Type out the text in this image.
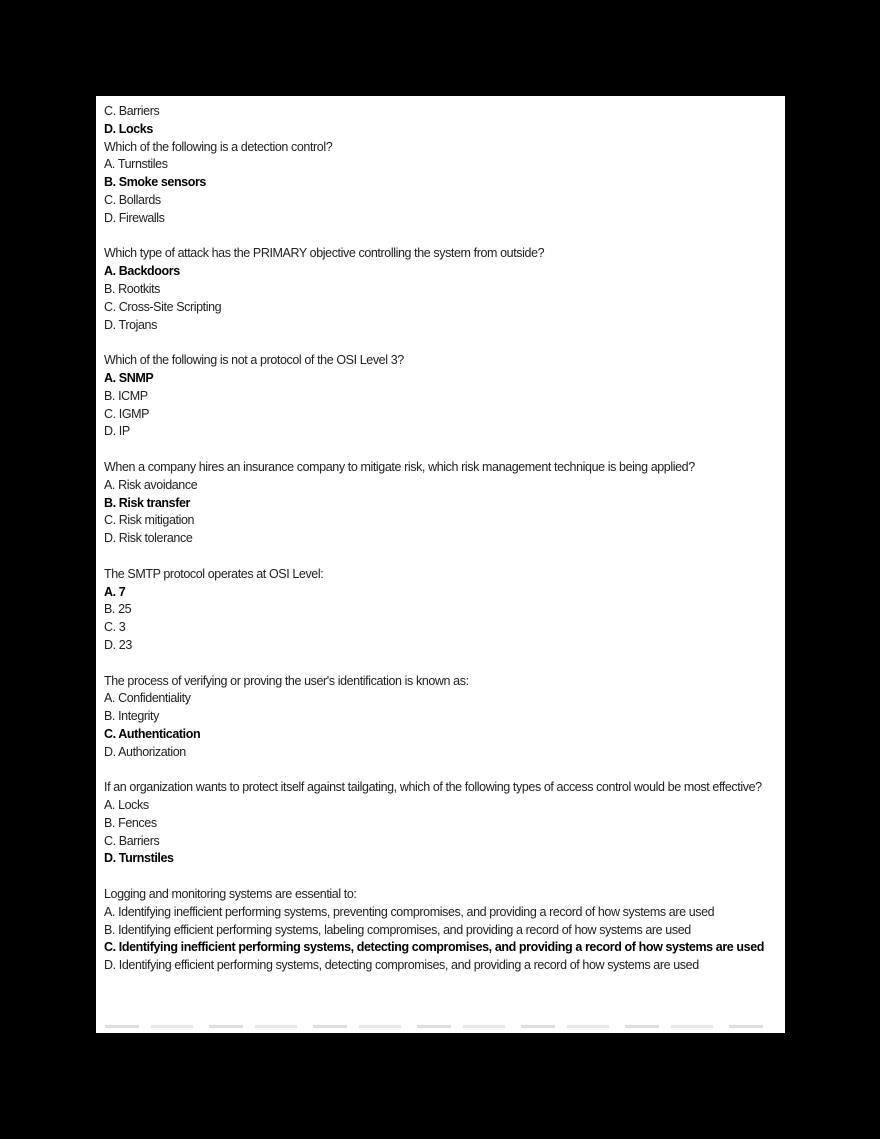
C. Barriers
D. Locks
Which of the following is a detection control?
A. Turnstiles
B. Smoke sensors
C. Bollards
D. Firewalls
Which type of attack has the PRIMARY objective controlling the system from outside?
A. Backdoors
B. Rootkits
C. Cross-Site Scripting
D. Trojans
Which of the following is not a protocol of the OSI Level 3?
A. SNMP
B. ICMP
C. IGMP
D. IP
When a company hires an insurance company to mitigate risk, which risk management technique is being applied?
A. Risk avoidance
B. Risk transfer
C. Risk mitigation
D. Risk tolerance
The SMTP protocol operates at OSI Level:
A. 7
B. 25
C. 3
D. 23
The process of verifying or proving the user's identification is known as:
A. Confidentiality
B. Integrity
C. Authentication
D. Authorization
If an organization wants to protect itself against tailgating, which of the following types of access control would be most effective?
A. Locks
B. Fences
C. Barriers
D. Turnstiles
Logging and monitoring systems are essential to:
A. Identifying inefficient performing systems, preventing compromises, and providing a record of how systems are used
B. Identifying efficient performing systems, labeling compromises, and providing a record of how systems are used
C. Identifying inefficient performing systems, detecting compromises, and providing a record of how systems are used
D. Identifying efficient performing systems, detecting compromises, and providing a record of how systems are used
